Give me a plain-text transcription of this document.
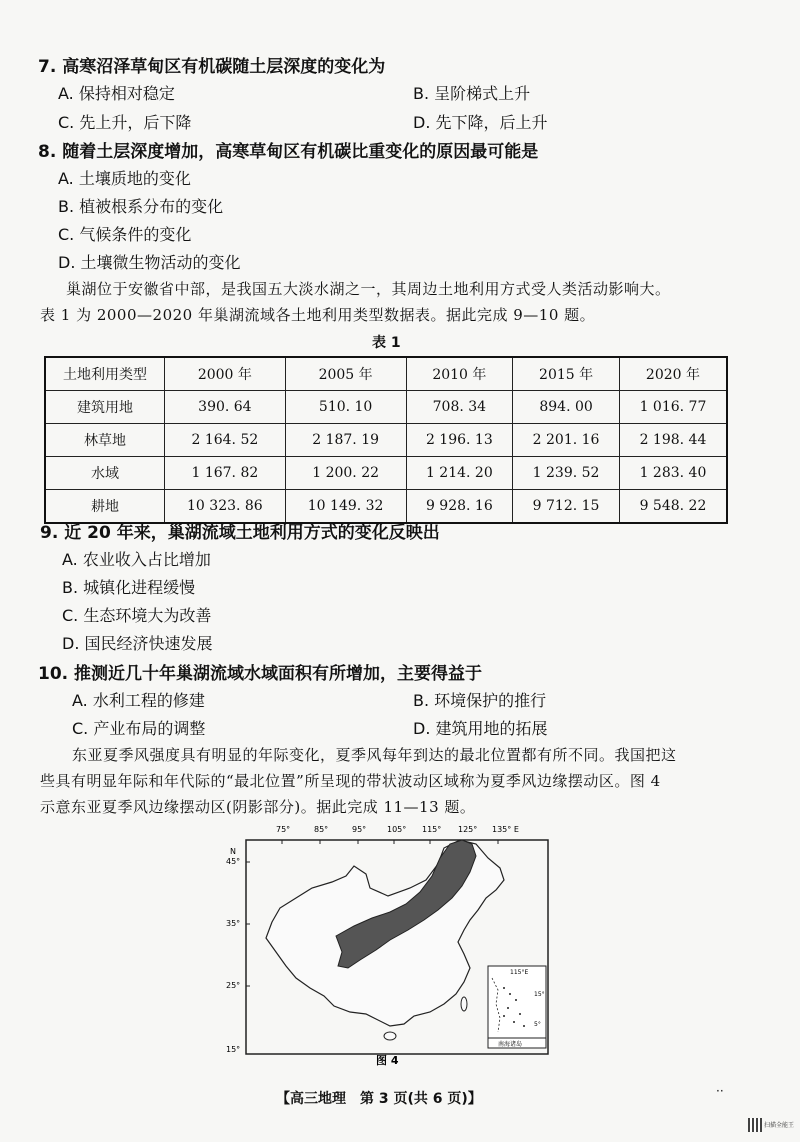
7. 高寒沼泽草甸区有机碳随土层深度的变化为
A. 保持相对稳定	B. 呈阶梯式上升
C. 先上升，后下降	D. 先下降，后上升
8. 随着土层深度增加，高寒草甸区有机碳比重变化的原因最可能是
A. 土壤质地的变化
B. 植被根系分布的变化
C. 气候条件的变化
D. 土壤微生物活动的变化
巢湖位于安徽省中部，是我国五大淡水湖之一，其周边土地利用方式受人类活动影响大。
表 1 为 2000—2020 年巢湖流域各土地利用类型数据表。据此完成 9—10 题。
表 1
土地利用类型	2000 年	2005 年	2010 年	2015 年	2020 年
建筑用地	390. 64	510. 10	708. 34	894. 00	1 016. 77
林草地	2 164. 52	2 187. 19	2 196. 13	2 201. 16	2 198. 44
水域	1 167. 82	1 200. 22	1 214. 20	1 239. 52	1 283. 40
耕地	10 323. 86	10 149. 32	9 928. 16	9 712. 15	9 548. 22
9. 近 20 年来，巢湖流域土地利用方式的变化反映出
A. 农业收入占比增加
B. 城镇化进程缓慢
C. 生态环境大为改善
D. 国民经济快速发展
10. 推测近几十年巢湖流域水域面积有所增加，主要得益于
A. 水利工程的修建	B. 环境保护的推行
C. 产业布局的调整	D. 建筑用地的拓展
东亚夏季风强度具有明显的年际变化，夏季风每年到达的最北位置都有所不同。我国把这
些具有明显年际和年代际的“最北位置”所呈现的带状波动区域称为夏季风边缘摆动区。图 4
示意东亚夏季风边缘摆动区(阴影部分)。据此完成 11—13 题。
75°	85°	95°	105° 115° 125° 135° E
N
45°
35°
25°
15°
115°E
15°
5°
南海诸岛
图 4
【高三地理　第 3 页(共 6 页)】	··
扫描全能王
